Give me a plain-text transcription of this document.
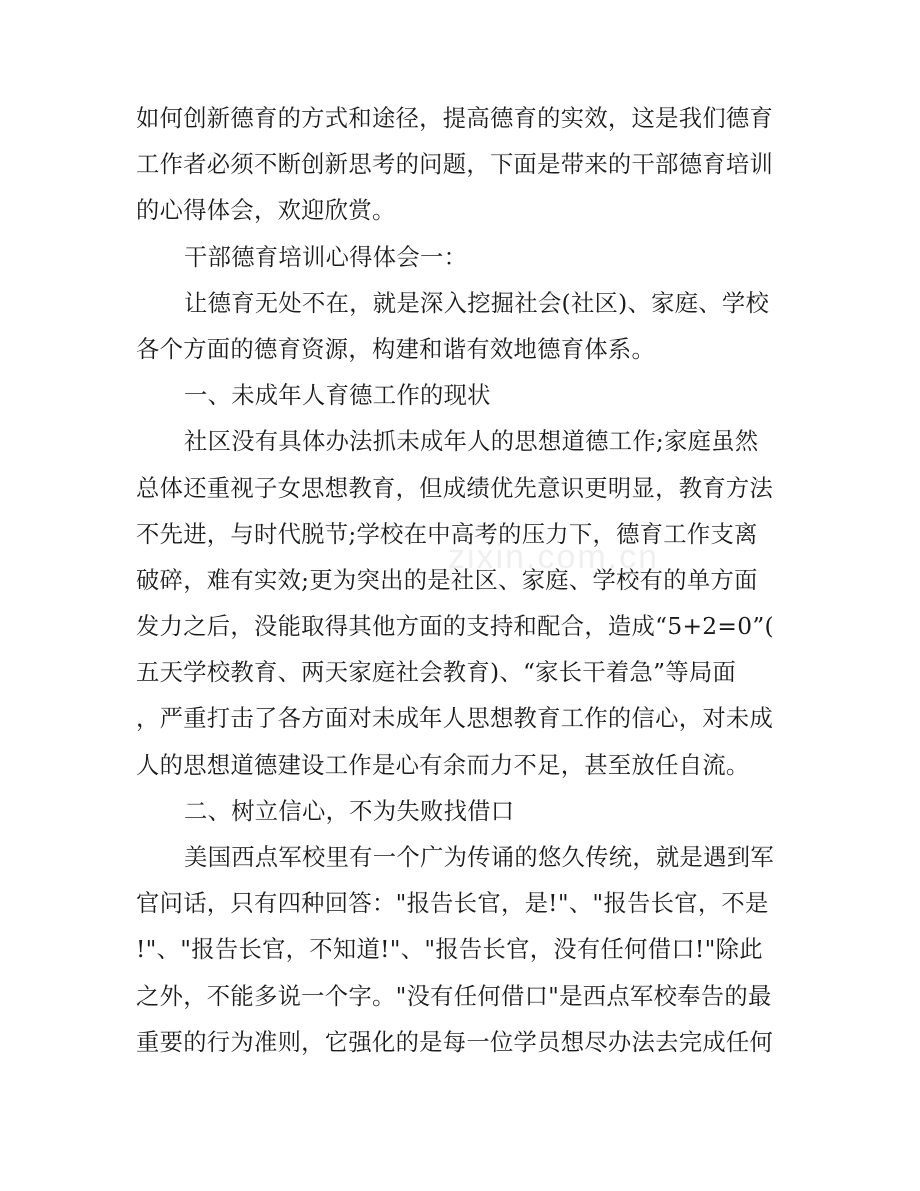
如何创新德育的方式和途径，提高德育的实效，这是我们德育
工作者必须不断创新思考的问题，下面是带来的干部德育培训
的心得体会，欢迎欣赏。
干部德育培训心得体会一：
让德育无处不在，就是深入挖掘社会(社区)、家庭、学校
各个方面的德育资源，构建和谐有效地德育体系。
一、未成年人育德工作的现状
社区没有具体办法抓未成年人的思想道德工作;家庭虽然
总体还重视子女思想教育，但成绩优先意识更明显，教育方法
不先进，与时代脱节;学校在中高考的压力下，德育工作支离
破碎，难有实效;更为突出的是社区、家庭、学校有的单方面
发力之后，没能取得其他方面的支持和配合，造成“5+2=0”(
五天学校教育、两天家庭社会教育)、“家长干着急”等局面
，严重打击了各方面对未成年人思想教育工作的信心，对未成
人的思想道德建设工作是心有余而力不足，甚至放任自流。
二、树立信心，不为失败找借口
美国西点军校里有一个广为传诵的悠久传统，就是遇到军
官问话，只有四种回答："报告长官，是!"、"报告长官，不是
!"、"报告长官，不知道!"、"报告长官，没有任何借口!"除此
之外，不能多说一个字。"没有任何借口"是西点军校奉告的最
重要的行为准则，它强化的是每一位学员想尽办法去完成任何
zixin.com.cn
